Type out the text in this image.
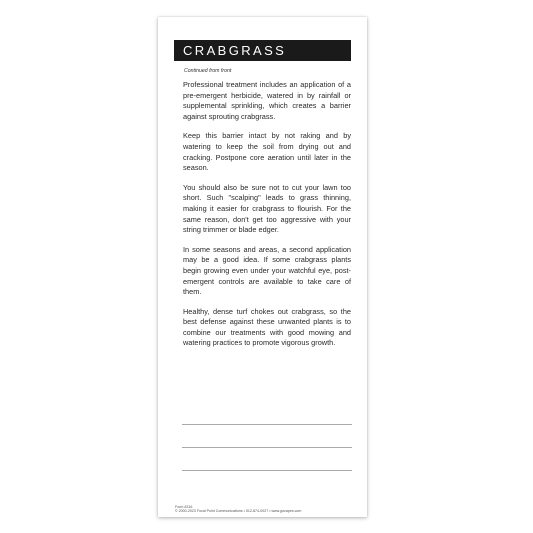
CRABGRASS
Continued from front

Professional treatment includes an application of a pre-emergent herbicide, watered in by rainfall or supplemental sprinkling, which creates a barrier against sprouting crabgrass.

Keep this barrier intact by not raking and by watering to keep the soil from drying out and cracking. Postpone core aeration until later in the season.

You should also be sure not to cut your lawn too short. Such "scalping" leads to grass thinning, making it easier for crabgrass to flourish. For the same reason, don't get too aggressive with your string trimmer or blade edger.

In some seasons and areas, a second application may be a good idea. If some crabgrass plants begin growing even under your watchful eye, post-emergent controls are available to take care of them.

Healthy, dense turf chokes out crabgrass, so the best defense against these unwanted plants is to combine our treatments with good mowing and watering practices to promote vigorous growth.

Form #316
© 2000-2023 Focal Point Communications • 512-874-0027 • www.gozapes.com
